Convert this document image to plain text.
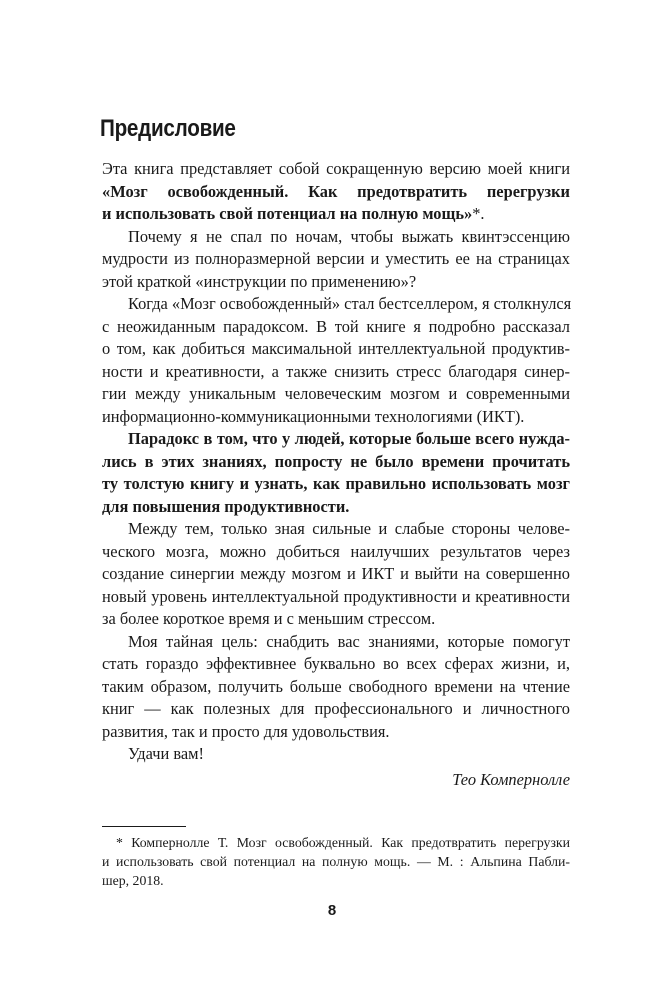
Предисловие
Эта книга представляет собой сокращенную версию моей книги
«Мозг освобожденный. Как предотвратить перегрузки
и использовать свой потенциал на полную мощь»*.
Почему я не спал по ночам, чтобы выжать квинтэссенцию
мудрости из полноразмерной версии и уместить ее на страницах
этой краткой «инструкции по применению»?
Когда «Мозг освобожденный» стал бестселлером, я столкнулся
с неожиданным парадоксом. В той книге я подробно рассказал
о том, как добиться максимальной интеллектуальной продуктив-
ности и креативности, а также снизить стресс благодаря синер-
гии между уникальным человеческим мозгом и современными
информационно-коммуникационными технологиями (ИКТ).
Парадокс в том, что у людей, которые больше всего нужда-
лись в этих знаниях, попросту не было времени прочитать
ту толстую книгу и узнать, как правильно использовать мозг
для повышения продуктивности.
Между тем, только зная сильные и слабые стороны челове-
ческого мозга, можно добиться наилучших результатов через
создание синергии между мозгом и ИКТ и выйти на совершенно
новый уровень интеллектуальной продуктивности и креативности
за более короткое время и с меньшим стрессом.
Моя тайная цель: снабдить вас знаниями, которые помогут
стать гораздо эффективнее буквально во всех сферах жизни, и,
таким образом, получить больше свободного времени на чтение
книг — как полезных для профессионального и личностного
развития, так и просто для удовольствия.
Удачи вам!
Тео Компернолле
* Компернолле Т. Мозг освобожденный. Как предотвратить перегрузки
и использовать свой потенциал на полную мощь. — М. : Альпина Пабли-
шер, 2018.
8
